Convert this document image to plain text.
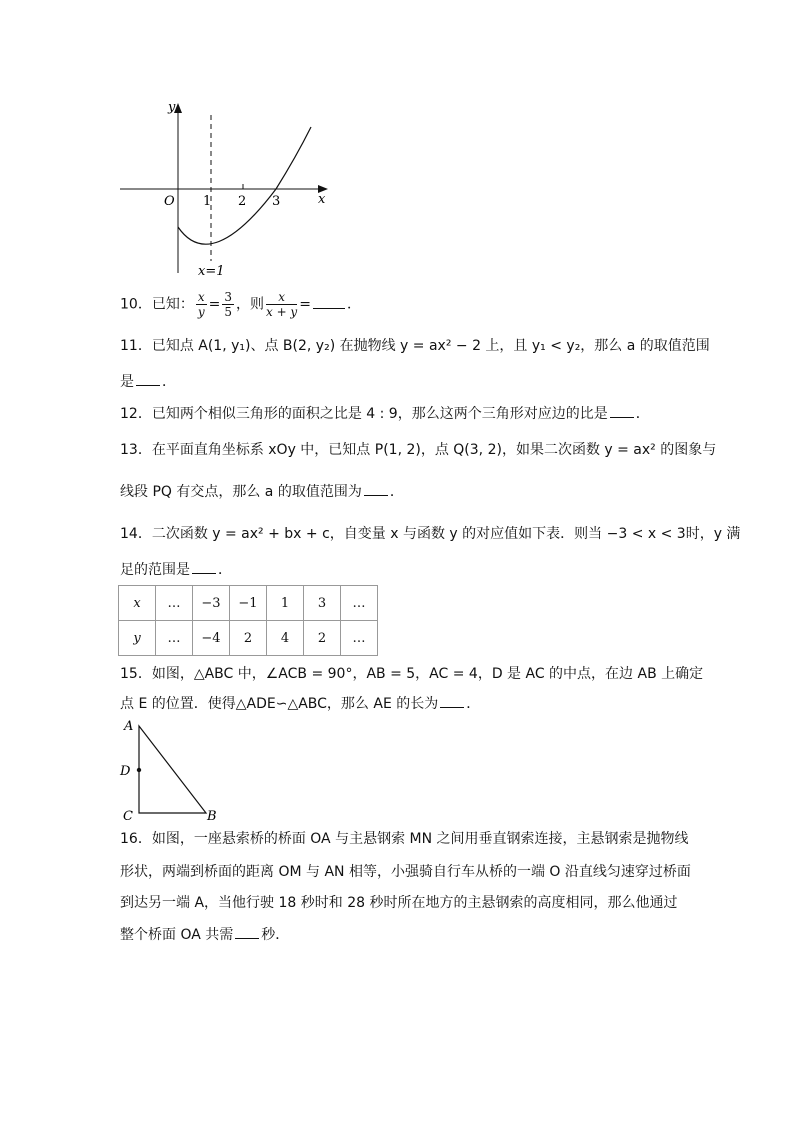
y
x
O 1 2 3
x=1
10．已知： $\frac{x}{y} = \frac{3}{5}$ ，则 $\frac{x}{x + y}$ =	．
11．已知点 A(1, y₁)、点 B(2, y₂) 在抛物线 y = ax² − 2 上，且 y₁ < y₂，那么 a 的取值范围
是 ．
12．已知两个相似三角形的面积之比是 4 : 9，那么这两个三角形对应边的比是 ．
13．在平面直角坐标系 xOy 中，已知点 P(1, 2)，点 Q(3, 2)，如果二次函数 y = ax² 的图象与
线段 PQ 有交点，那么 a 的取值范围为 ．
14．二次函数 y = ax² + bx + c，自变量 x 与函数 y 的对应值如下表．则当 −3 < x < 3时，y 满
足的范围是 ．
x	…	−3	−1	1	3	…
y	…	−4	2	4	2	…
15．如图，△ABC 中，∠ACB = 90°，AB = 5，AC = 4，D 是 AC 的中点，在边 AB 上确定
点 E 的位置．使得△ADE∽△ABC，那么 AE 的长为 ．
A
D
C	B
16．如图，一座悬索桥的桥面 OA 与主悬钢索 MN 之间用垂直钢索连接，主悬钢索是抛物线
形状，两端到桥面的距离 OM 与 AN 相等，小强骑自行车从桥的一端 O 沿直线匀速穿过桥面
到达另一端 A，当他行驶 18 秒时和 28 秒时所在地方的主悬钢索的高度相同，那么他通过
整个桥面 OA 共需 秒．
